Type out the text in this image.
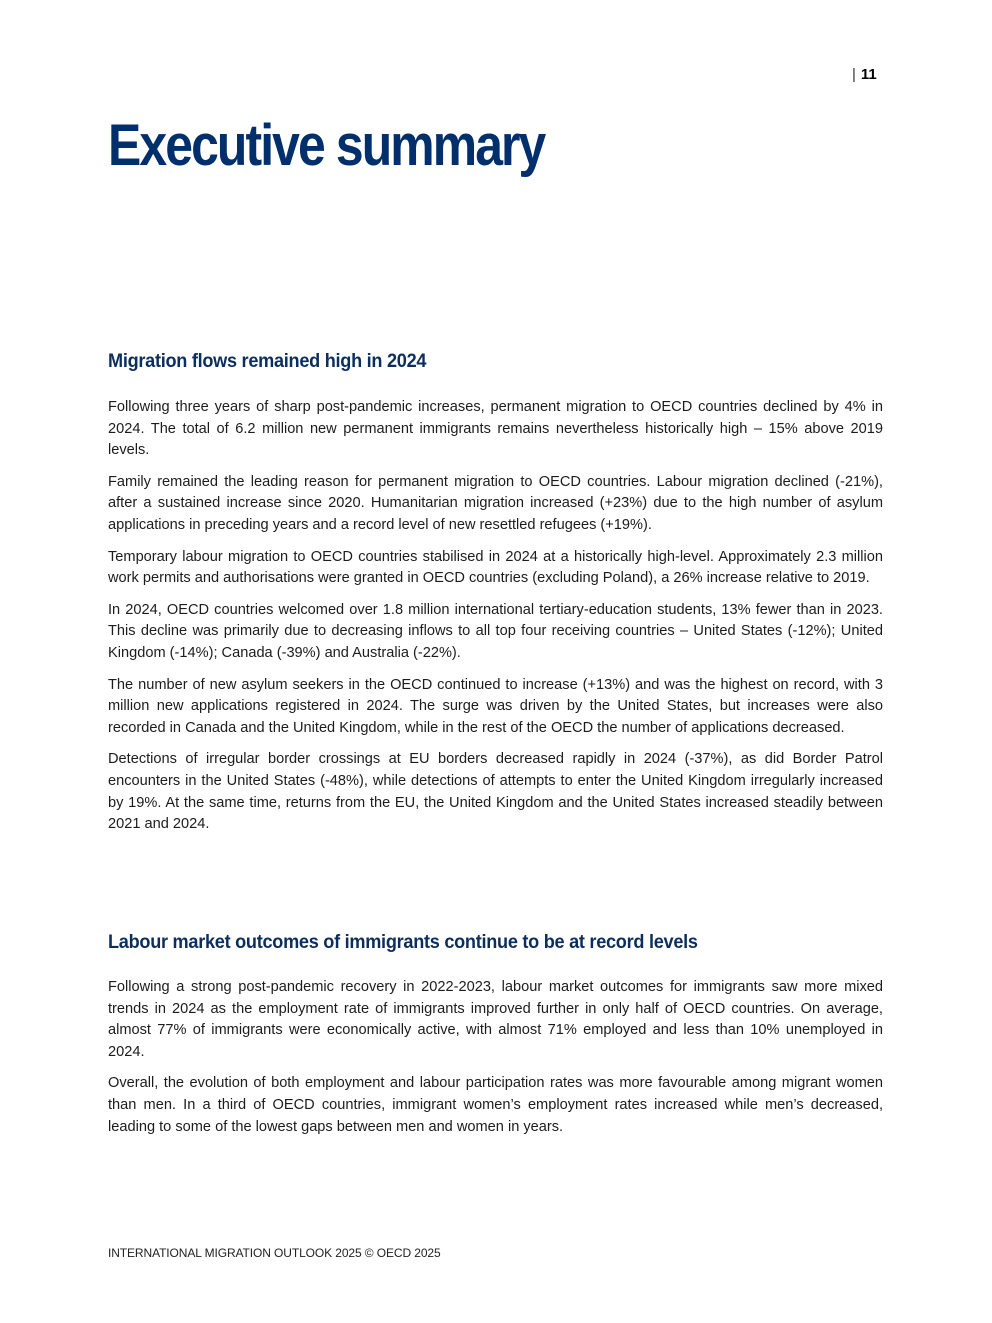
| 11
Executive summary
Migration flows remained high in 2024

Following three years of sharp post-pandemic increases, permanent migration to OECD countries declined by 4% in 2024. The total of 6.2 million new permanent immigrants remains nevertheless historically high – 15% above 2019 levels.

Family remained the leading reason for permanent migration to OECD countries. Labour migration declined (-21%), after a sustained increase since 2020. Humanitarian migration increased (+23%) due to the high number of asylum applications in preceding years and a record level of new resettled refugees (+19%).

Temporary labour migration to OECD countries stabilised in 2024 at a historically high-level. Approximately 2.3 million work permits and authorisations were granted in OECD countries (excluding Poland), a 26% increase relative to 2019.

In 2024, OECD countries welcomed over 1.8 million international tertiary-education students, 13% fewer than in 2023. This decline was primarily due to decreasing inflows to all top four receiving countries – United States (-12%); United Kingdom (-14%); Canada (-39%) and Australia (-22%).

The number of new asylum seekers in the OECD continued to increase (+13%) and was the highest on record, with 3 million new applications registered in 2024. The surge was driven by the United States, but increases were also recorded in Canada and the United Kingdom, while in the rest of the OECD the number of applications decreased.

Detections of irregular border crossings at EU borders decreased rapidly in 2024 (-37%), as did Border Patrol encounters in the United States (-48%), while detections of attempts to enter the United Kingdom irregularly increased by 19%. At the same time, returns from the EU, the United Kingdom and the United States increased steadily between 2021 and 2024.

Labour market outcomes of immigrants continue to be at record levels

Following a strong post-pandemic recovery in 2022-2023, labour market outcomes for immigrants saw more mixed trends in 2024 as the employment rate of immigrants improved further in only half of OECD countries. On average, almost 77% of immigrants were economically active, with almost 71% employed and less than 10% unemployed in 2024.

Overall, the evolution of both employment and labour participation rates was more favourable among migrant women than men. In a third of OECD countries, immigrant women’s employment rates increased while men’s decreased, leading to some of the lowest gaps between men and women in years.

INTERNATIONAL MIGRATION OUTLOOK 2025 © OECD 2025
